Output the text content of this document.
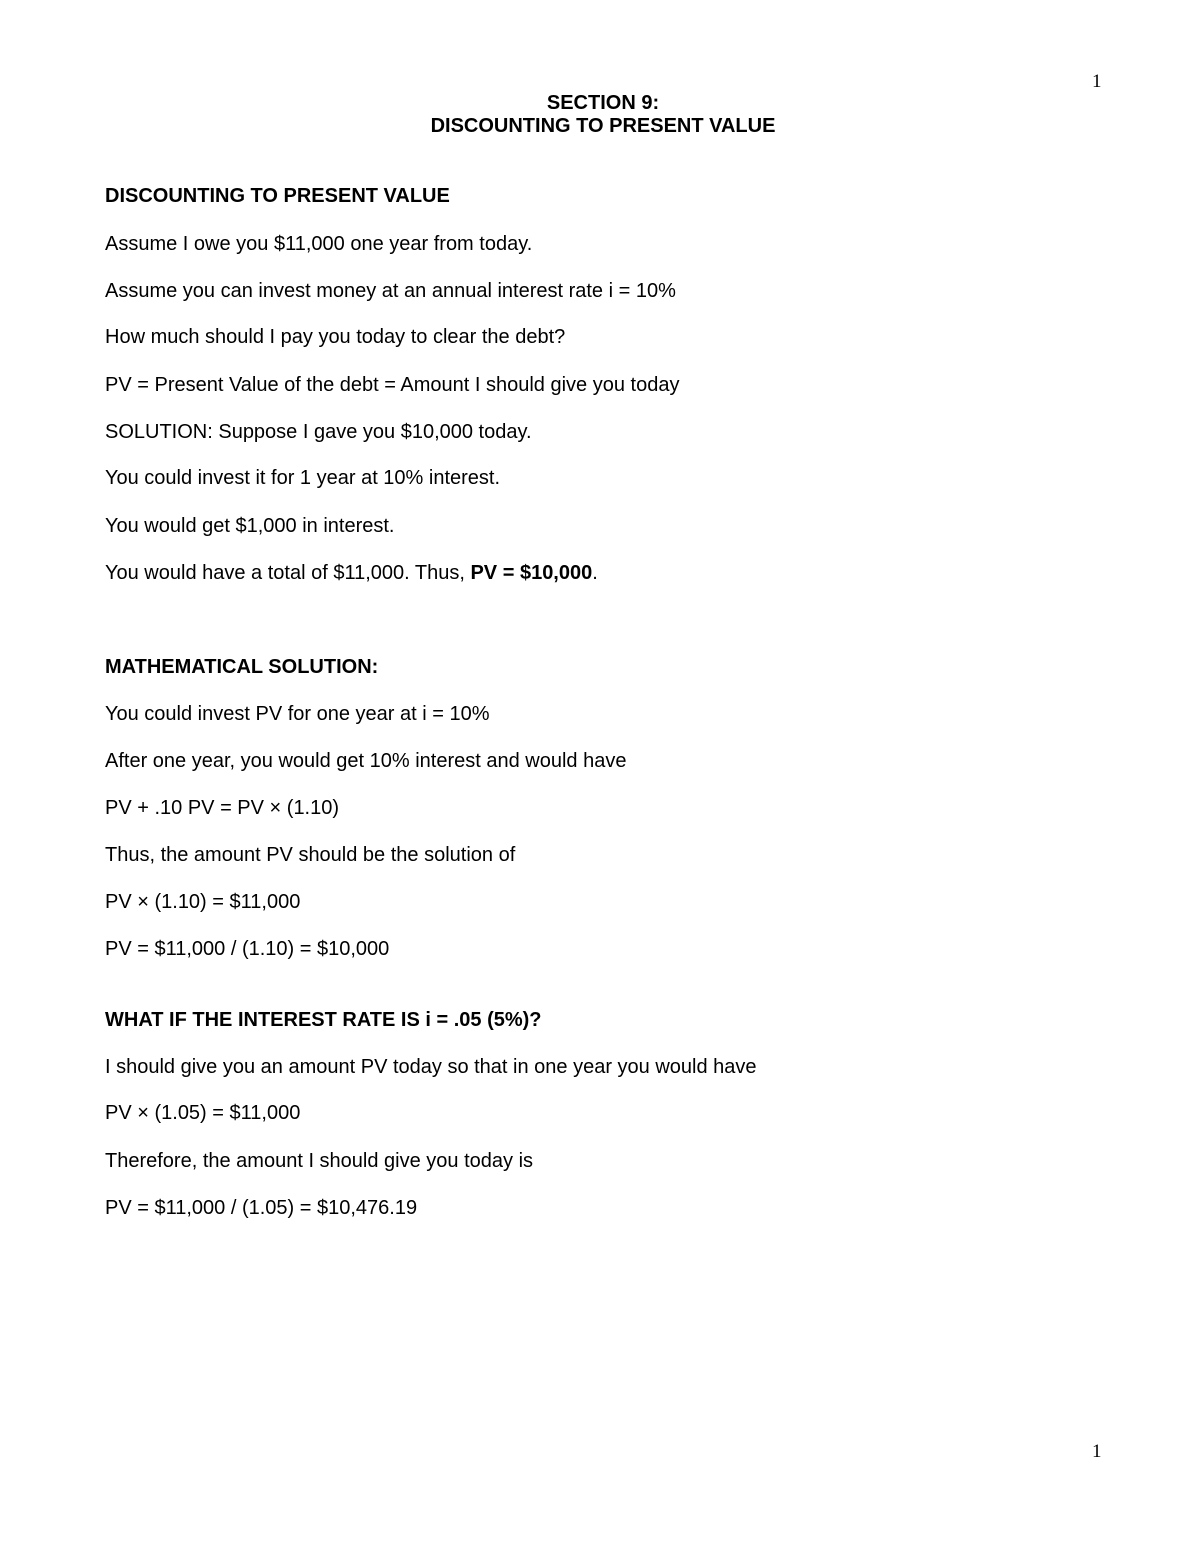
1
SECTION 9:
DISCOUNTING TO PRESENT VALUE
DISCOUNTING TO PRESENT VALUE
Assume I owe you $11,000 one year from today.
Assume you can invest money at an annual interest rate i = 10%
How much should I pay you today to clear the debt?
PV = Present Value of the debt = Amount I should give you today
SOLUTION: Suppose I gave you $10,000 today.
You could invest it for 1 year at 10% interest.
You would get $1,000 in interest.
You would have a total of $11,000. Thus, PV = $10,000.
MATHEMATICAL SOLUTION:
You could invest PV for one year at i = 10%
After one year, you would get 10% interest and would have
PV + .10 PV = PV × (1.10)
Thus, the amount PV should be the solution of
PV × (1.10) = $11,000
PV = $11,000 / (1.10) = $10,000
WHAT IF THE INTEREST RATE IS i = .05 (5%)?
I should give you an amount PV today so that in one year you would have
PV × (1.05) = $11,000
Therefore, the amount I should give you today is
PV = $11,000 / (1.05) = $10,476.19
1
